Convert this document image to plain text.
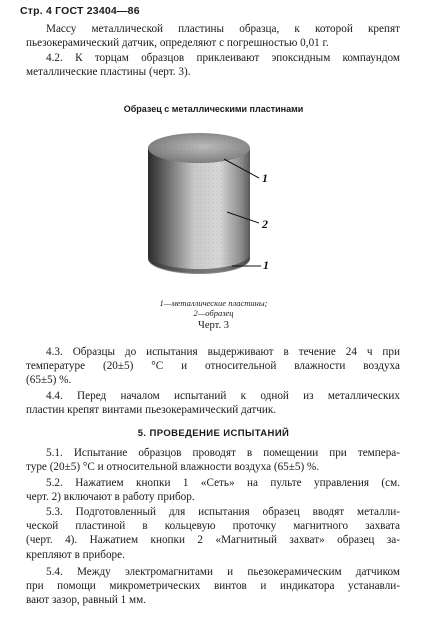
Стр. 4 ГОСТ 23404—86
Массу металлической пластины образца, к которой крепят
пьезокерамический датчик, определяют с погрешностью 0,01 г.
4.2. К торцам образцов приклеивают эпоксидным компаундом
металлические пластины (черт. 3).
Образец с металлическими пластинами
1
2
1
1—металлические пластины;
2—образец
Черт. 3
4.3. Образцы до испытания выдерживают в течение 24 ч при
температуре (20±5) °С и относительной влажности воздуха
(65±5) %.
4.4. Перед началом испытаний к одной из металлических
пластин крепят винтами пьезокерамический датчик.
5. ПРОВЕДЕНИЕ ИСПЫТАНИЙ
5.1. Испытание образцов проводят в помещении при темпера-
туре (20±5) °С и относительной влажности воздуха (65±5) %.
5.2. Нажатием кнопки 1 «Сеть» на пульте управления (см.
черт. 2) включают в работу прибор.
5.3. Подготовленный для испытания образец вводят металли-
ческой пластиной в кольцевую проточку магнитного захвата
(черт. 4). Нажатием кнопки 2 «Магнитный захват» образец за-
крепляют в приборе.
5.4. Между электромагнитами и пьезокерамическим датчиком
при помощи микрометрических винтов и индикатора устанавли-
вают зазор, равный 1 мм.
